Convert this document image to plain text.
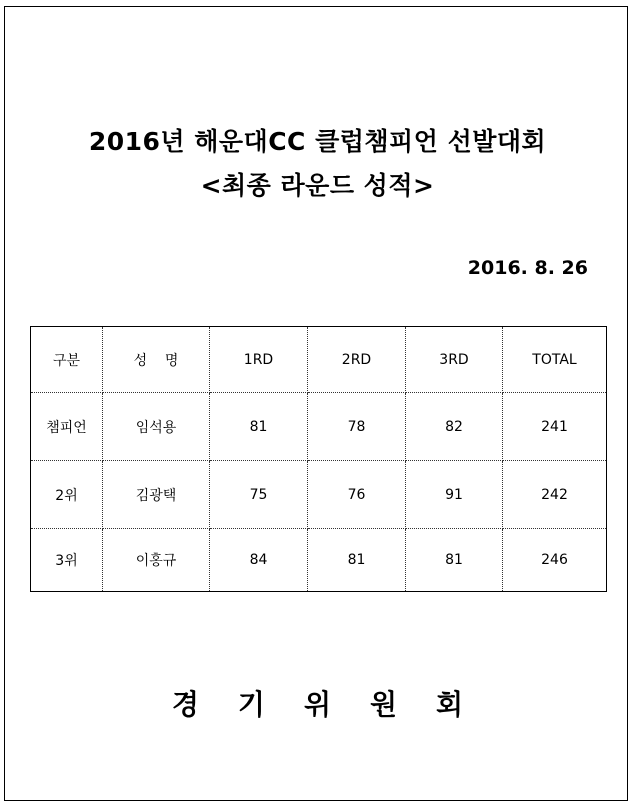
2016년 해운대CC 클럽챔피언 선발대회
<최종 라운드 성적>
2016. 8. 26
구분	성    명	1RD	2RD	3RD	TOTAL
챔피언	임석용	81	78	82	241
2위	김광택	75	76	91	242
3위	이홍규	84	81	81	246
경    기    위    원    회
